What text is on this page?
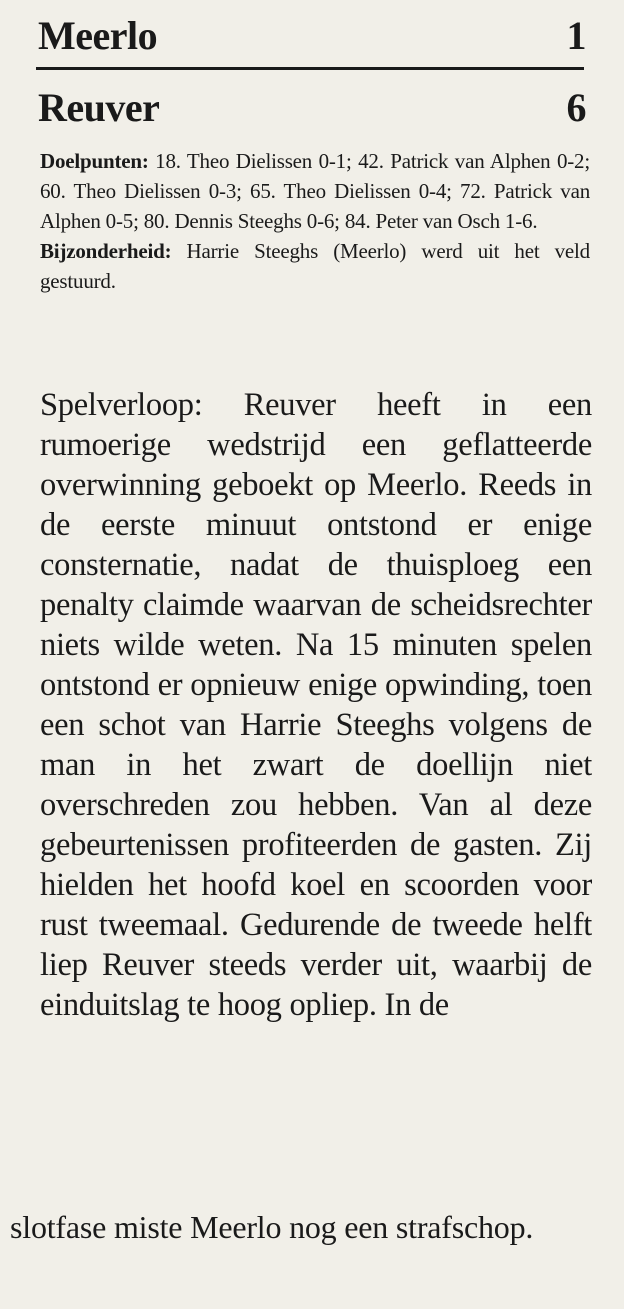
Meerlo	1
Reuver	6

Doelpunten: 18. Theo Dielissen 0-1; 42. Patrick van Alphen 0-2; 60. Theo Dielissen 0-3; 65. Theo Dielissen 0-4; 72. Patrick van Alphen 0-5; 80. Dennis Steeghs 0-6; 84. Peter van Osch 1-6.

Bijzonderheid: Harrie Steeghs (Meerlo) werd uit het veld gestuurd.

Spelverloop: Reuver heeft in een rumoerige wedstrijd een geflatteerde overwinning geboekt op Meerlo. Reeds in de eerste minuut ontstond er enige consternatie, nadat de thuisploeg een penalty claimde waarvan de scheidsrechter niets wilde weten. Na 15 minuten spelen ontstond er opnieuw enige opwinding, toen een schot van Harrie Steeghs volgens de man in het zwart de doellijn niet overschreden zou hebben. Van al deze gebeurtenissen profiteerden de gasten. Zij hielden het hoofd koel en scoorden voor rust tweemaal. Gedurende de tweede helft liep Reuver steeds verder uit, waarbij de einduitslag te hoog opliep. In de

slotfase miste Meerlo nog een strafschop.
